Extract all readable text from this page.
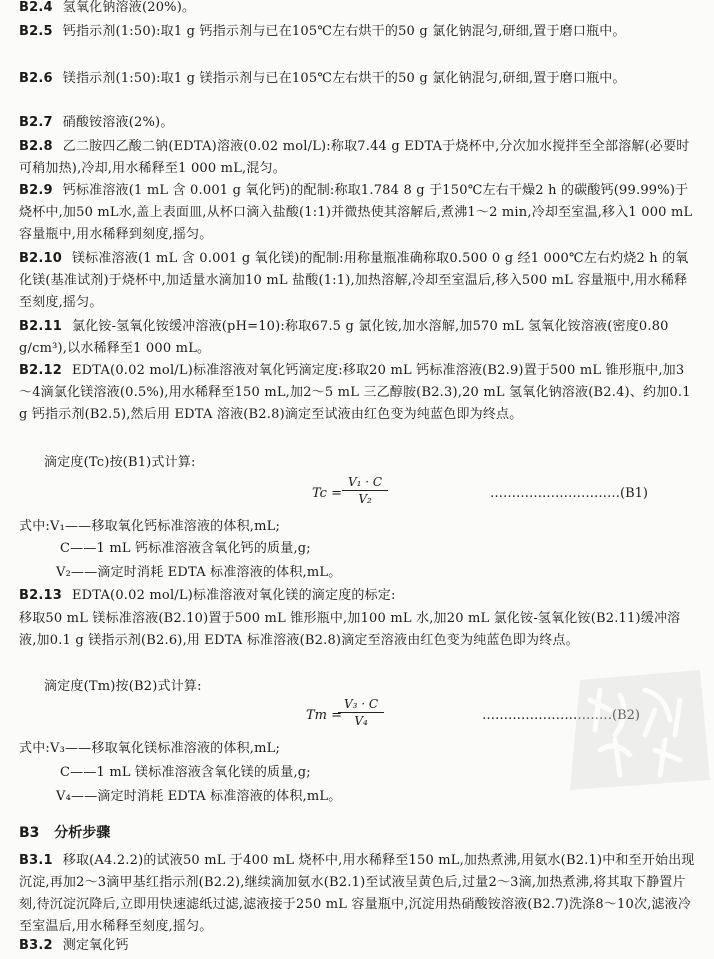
B2.4 氢氧化钠溶液(20%)。

B2.5 钙指示剂(1:50):取1 g 钙指示剂与已在105℃左右烘干的50 g 氯化钠混匀,研细,置于磨口瓶中。

B2.6 镁指示剂(1:50):取1 g 镁指示剂与已在105℃左右烘干的50 g 氯化钠混匀,研细,置于磨口瓶中。

B2.7 硝酸铵溶液(2%)。

B2.8 乙二胺四乙酸二钠(EDTA)溶液(0.02 mol/L):称取7.44 g EDTA于烧杯中,分次加水搅拌至全部溶解(必要时可稍加热),冷却,用水稀释至1 000 mL,混匀。

B2.9 钙标准溶液(1 mL 含 0.001 g 氧化钙)的配制:称取1.784 8 g 于150℃左右干燥2 h 的碳酸钙(99.99%)于烧杯中,加50 mL水,盖上表面皿,从杯口滴入盐酸(1:1)并微热使其溶解后,煮沸1～2 min,冷却至室温,移入1 000 mL 容量瓶中,用水稀释到刻度,摇匀。

B2.10 镁标准溶液(1 mL 含 0.001 g 氧化镁)的配制:用称量瓶准确称取0.500 0 g 经1 000℃左右灼烧2 h 的氧化镁(基准试剂)于烧杯中,加适量水滴加10 mL 盐酸(1:1),加热溶解,冷却至室温后,移入500 mL 容量瓶中,用水稀释至刻度,摇匀。

B2.11 氯化铵-氢氧化铵缓冲溶液(pH=10):称取67.5 g 氯化铵,加水溶解,加570 mL 氢氧化铵溶液(密度0.80 g/cm³),以水稀释至1 000 mL。

B2.12 EDTA(0.02 mol/L)标准溶液对氧化钙滴定度:移取20 mL 钙标准溶液(B2.9)置于500 mL 锥形瓶中,加3～4滴氯化镁溶液(0.5%),用水稀释至150 mL,加2～5 mL 三乙醇胺(B2.3),20 mL 氢氧化钠溶液(B2.4)、约加0.1 g 钙指示剂(B2.5),然后用 EDTA 溶液(B2.8)滴定至试液由红色变为纯蓝色即为终点。

滴定度(Tc)按(B1)式计算:

$Tc = \frac{\text{V₁ · C}}{\text{V₂}}$	…………………………(B1)

式中:V₁——移取氧化钙标准溶液的体积,mL;

C——1 mL 钙标准溶液含氧化钙的质量,g;

V₂——滴定时消耗 EDTA 标准溶液的体积,mL。

B2.13 EDTA(0.02 mol/L)标准溶液对氧化镁的滴定度的标定:

移取50 mL 镁标准溶液(B2.10)置于500 mL 锥形瓶中,加100 mL 水,加20 mL 氯化铵-氢氧化铵(B2.11)缓冲溶液,加0.1 g 镁指示剂(B2.6),用 EDTA 标准溶液(B2.8)滴定至溶液由红色变为纯蓝色即为终点。

滴定度(Tm)按(B2)式计算:

Tm =
$\frac{\text{V₃ · C}}{\text{V₄}}$	…………………………(B2)

式中:V₃——移取氧化镁标准溶液的体积,mL;

C——1 mL 镁标准溶液含氧化镁的质量,g;

V₄——滴定时消耗 EDTA 标准溶液的体积,mL。

B3 分析步骤

B3.1 移取(A4.2.2)的试液50 mL 于400 mL 烧杯中,用水稀释至150 mL,加热煮沸,用氨水(B2.1)中和至开始出现沉淀,再加2～3滴甲基红指示剂(B2.2),继续滴加氨水(B2.1)至试液呈黄色后,过量2～3滴,加热煮沸,将其取下静置片刻,待沉淀沉降后,立即用快速滤纸过滤,滤液接于250 mL 容量瓶中,沉淀用热硝酸铵溶液(B2.7)洗涤8～10次,滤液冷至室温后,用水稀释至刻度,摇匀。

B3.2 测定氧化钙
